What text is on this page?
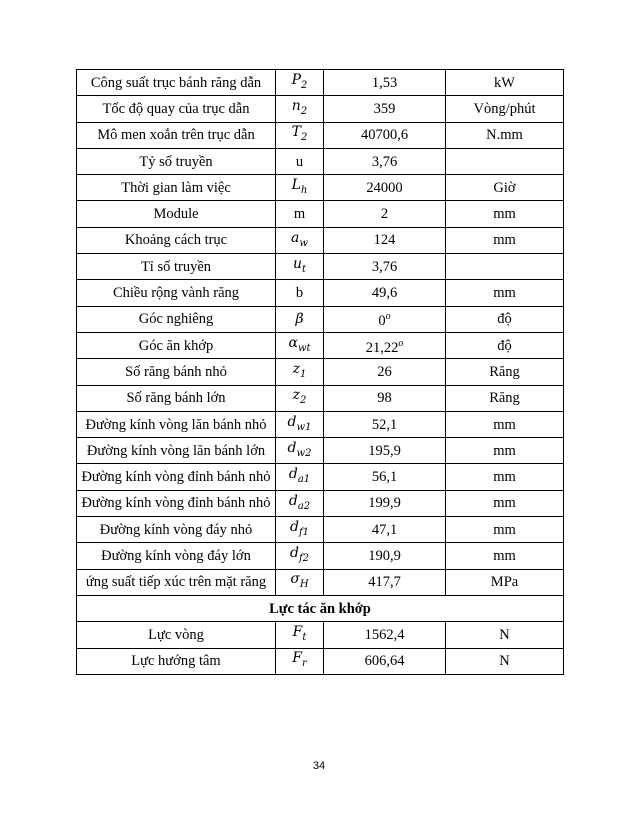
Công suất trục bánh răng dẫn	$P_2$	1,53	kW
Tốc độ quay của trục dẫn	$n_2$	359	Vòng/phút
Mô men xoắn trên trục dẫn	$T_2$	40700,6	N.mm
Tỷ số truyền	u	3,76	
Thời gian làm việc	$L_h$	24000	Giờ
Module	m	2	mm
Khoảng cách trục	$a_w$	124	mm
Tỉ số truyền	$u_t$	3,76	
Chiều rộng vành răng	b	49,6	mm
Góc nghiêng	β	0$^o$	độ
Góc ăn khớp	$\alpha_{wt}$	21,22$^o$	độ
Số răng bánh nhỏ	$z_1$	26	Răng
Số răng bánh lớn	$z_2$	98	Răng
Đường kính vòng lăn bánh nhỏ	$d_{w1}$	52,1	mm
Đường kính vòng lăn bánh lớn	$d_{w2}$	195,9	mm
Đường kính vòng đỉnh bánh nhỏ	$d_{a1}$	56,1	mm
Đường kính vòng đỉnh bánh nhỏ	$d_{a2}$	199,9	mm
Đường kính vòng đáy nhỏ	$d_{f1}$	47,1	mm
Đường kính vòng đáy lớn	$d_{f2}$	190,9	mm
ứng suất tiếp xúc trên mặt răng	$\sigma_H$	417,7	MPa
Lực tác ăn khớp			
Lực vòng	$F_t$	1562,4	N
Lực hướng tâm	$F_r$	606,64	N
34
